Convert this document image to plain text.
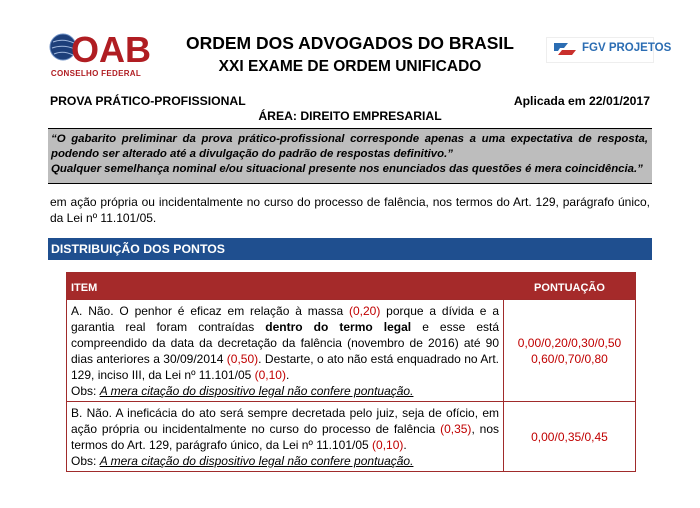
OAB
CONSELHO FEDERAL
ORDEM DOS ADVOGADOS DO BRASIL
XXI EXAME DE ORDEM UNIFICADO
FGV PROJETOS
PROVA PRÁTICO-PROFISSIONAL	Aplicada em 22/01/2017
ÁREA: DIREITO EMPRESARIAL

“O gabarito preliminar da prova prático-profissional corresponde apenas a uma expectativa de resposta, podendo ser alterado até a divulgação do padrão de respostas definitivo.”

Qualquer semelhança nominal e/ou situacional presente nos enunciados das questões é mera coincidência.”

em ação própria ou incidentalmente no curso do processo de falência, nos termos do Art. 129, parágrafo único, da Lei nº 11.101/05.
DISTRIBUIÇÃO DOS PONTOS
ITEM	PONTUAÇÃO
A. Não. O penhor é eficaz em relação à massa (0,20) porque a dívida e a garantia real foram contraídas dentro do termo legal e esse está compreendido da data da decretação da falência (novembro de 2016) até 90 dias anteriores a 30/09/2014 (0,50). Destarte, o ato não está enquadrado no Art. 129, inciso III, da Lei nº 11.101/05 (0,10).
Obs: A mera citação do dispositivo legal não confere pontuação.
0,00/0,20/0,30/0,50
0,60/0,70/0,80
B. Não. A ineficácia do ato será sempre decretada pelo juiz, seja de ofício, em ação própria ou incidentalmente no curso do processo de falência (0,35), nos termos do Art. 129, parágrafo único, da Lei nº 11.101/05 (0,10).
Obs: A mera citação do dispositivo legal não confere pontuação.
0,00/0,35/0,45
